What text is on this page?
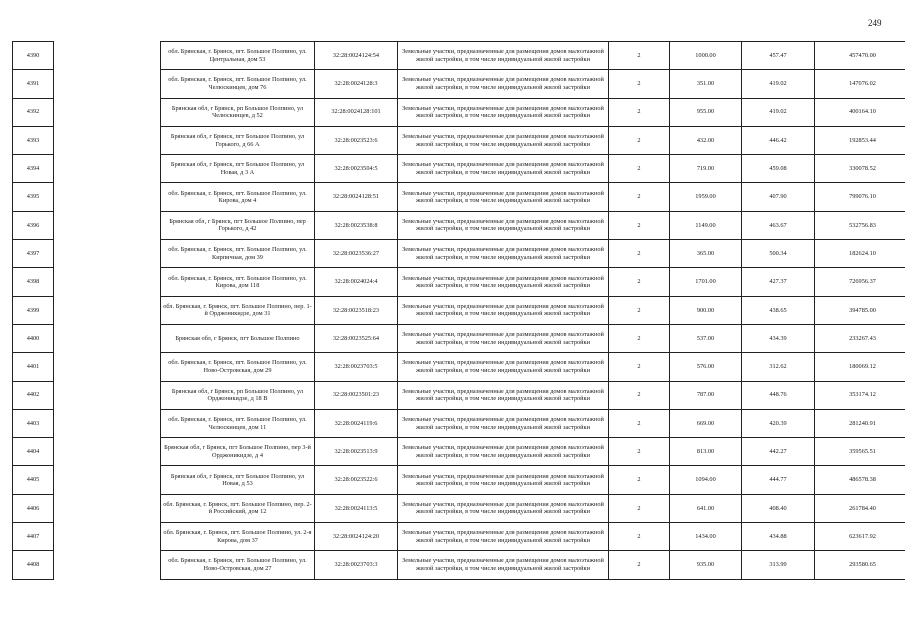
249
4390		обл. Брянская, г. Брянск, пгт. Большое Полпино, ул. Центральная, дом 53	32:28:0024124:54	Земельные участки, предназначенные для размещения домов малоэтажной жилой застройки, в том числе индивидуальной жилой застройки	2	1000.00	457.47	457470.00
4391		обл. Брянская, г. Брянск, пгт. Большое Полпино, ул. Челюскинцев, дом 76	32:28:0024128:3	Земельные участки, предназначенные для размещения домов малоэтажной жилой застройки, в том числе индивидуальной жилой застройки	2	351.00	419.02	147076.02
4392		Брянская обл, г Брянск, рп Большое Полпино, ул Челюскинцев, д 52	32:28:0024128:101	Земельные участки, предназначенные для размещения домов малоэтажной жилой застройки, в том числе индивидуальной жилой застройки	2	955.00	419.02	400164.10
4393		Брянская обл, г Брянск, пгт Большое Полпино, ул Горького, д 66 А	32:28:0023523:6	Земельные участки, предназначенные для размещения домов малоэтажной жилой застройки, в том числе индивидуальной жилой застройки	2	432.00	446.42	192853.44
4394		Брянская обл, г Брянск, пгт Большое Полпино, ул Новая, д 3 А	32:28:0023504:5	Земельные участки, предназначенные для размещения домов малоэтажной жилой застройки, в том числе индивидуальной жилой застройки	2	719.00	459.08	330078.52
4395		обл. Брянская, г. Брянск, пгт. Большое Полпино, ул. Кирова, дом 4	32:28:0024128:51	Земельные участки, предназначенные для размещения домов малоэтажной жилой застройки, в том числе индивидуальной жилой застройки	2	1959.00	407.90	799076.10
4396		Брянская обл, г Брянск, пгт Большое Полпино, пер Горького, д 42	32:28:0023538:8	Земельные участки, предназначенные для размещения домов малоэтажной жилой застройки, в том числе индивидуальной жилой застройки	2	1149.00	463.67	532756.83
4397		обл. Брянская, г. Брянск, пгт. Большое Полпино, ул. Кирпичная, дом 39	32:28:0023536:27	Земельные участки, предназначенные для размещения домов малоэтажной жилой застройки, в том числе индивидуальной жилой застройки	2	365.00	500.34	182624.10
4398		обл. Брянская, г. Брянск, пгт. Большое Полпино, ул. Кирова, дом 118	32:28:0024024:4	Земельные участки, предназначенные для размещения домов малоэтажной жилой застройки, в том числе индивидуальной жилой застройки	2	1701.00	427.37	726956.37
4399		обл. Брянская, г. Брянск, пгт. Большое Полпино, пер. 1-й Орджоникидзе, дом 31	32:28:0023518:23	Земельные участки, предназначенные для размещения домов малоэтажной жилой застройки, в том числе индивидуальной жилой застройки	2	900.00	438.65	394785.00
4400		Брянская обл, г Брянск, пгт Большое Полпино	32:28:0023525:64	Земельные участки, предназначенные для размещения домов малоэтажной жилой застройки, в том числе индивидуальной жилой застройки	2	537.00	434.39	233267.43
4401		обл. Брянская, г. Брянск, пгт. Большое Полпино, ул. Ново-Островская, дом 29	32:28:0023703:5	Земельные участки, предназначенные для размещения домов малоэтажной жилой застройки, в том числе индивидуальной жилой застройки	2	576.00	312.62	180069.12
4402		Брянская обл, г Брянск, рп Большое Полпино, ул Орджоникидзе, д 18 В	32:28:0023501:23	Земельные участки, предназначенные для размещения домов малоэтажной жилой застройки, в том числе индивидуальной жилой застройки	2	787.00	448.76	353174.12
4403		обл. Брянская, г. Брянск, пгт. Большое Полпино, ул. Челюскинцев, дом 11	32:28:0024119:6	Земельные участки, предназначенные для размещения домов малоэтажной жилой застройки, в том числе индивидуальной жилой застройки	2	669.00	420.39	281240.91
4404		Брянская обл, г Брянск, пгт Большое Полпино, пер 3-й Орджоникидзе, д 4	32:28:0023513:9	Земельные участки, предназначенные для размещения домов малоэтажной жилой застройки, в том числе индивидуальной жилой застройки	2	813.00	442.27	359565.51
4405		Брянская обл, г Брянск, пгт Большое Полпино, ул Новая, д 53	32:28:0023522:6	Земельные участки, предназначенные для размещения домов малоэтажной жилой застройки, в том числе индивидуальной жилой застройки	2	1094.00	444.77	486578.38
4406		обл. Брянская, г. Брянск, пгт. Большое Полпино, пер. 2-й Российский, дом 12	32:28:0024113:5	Земельные участки, предназначенные для размещения домов малоэтажной жилой застройки, в том числе индивидуальной жилой застройки	2	641.00	408.40	261784.40
4407		обл. Брянская, г. Брянск, пгт. Большое Полпино, ул. 2-я Кирова, дом 37	32:28:0024124:20	Земельные участки, предназначенные для размещения домов малоэтажной жилой застройки, в том числе индивидуальной жилой застройки	2	1434.00	434.88	623617.92
4408		обл. Брянская, г. Брянск, пгт. Большое Полпино, ул. Ново-Островская, дом 27	32:28:0023703:3	Земельные участки, предназначенные для размещения домов малоэтажной жилой застройки, в том числе индивидуальной жилой застройки	2	935.00	313.99	293580.65
